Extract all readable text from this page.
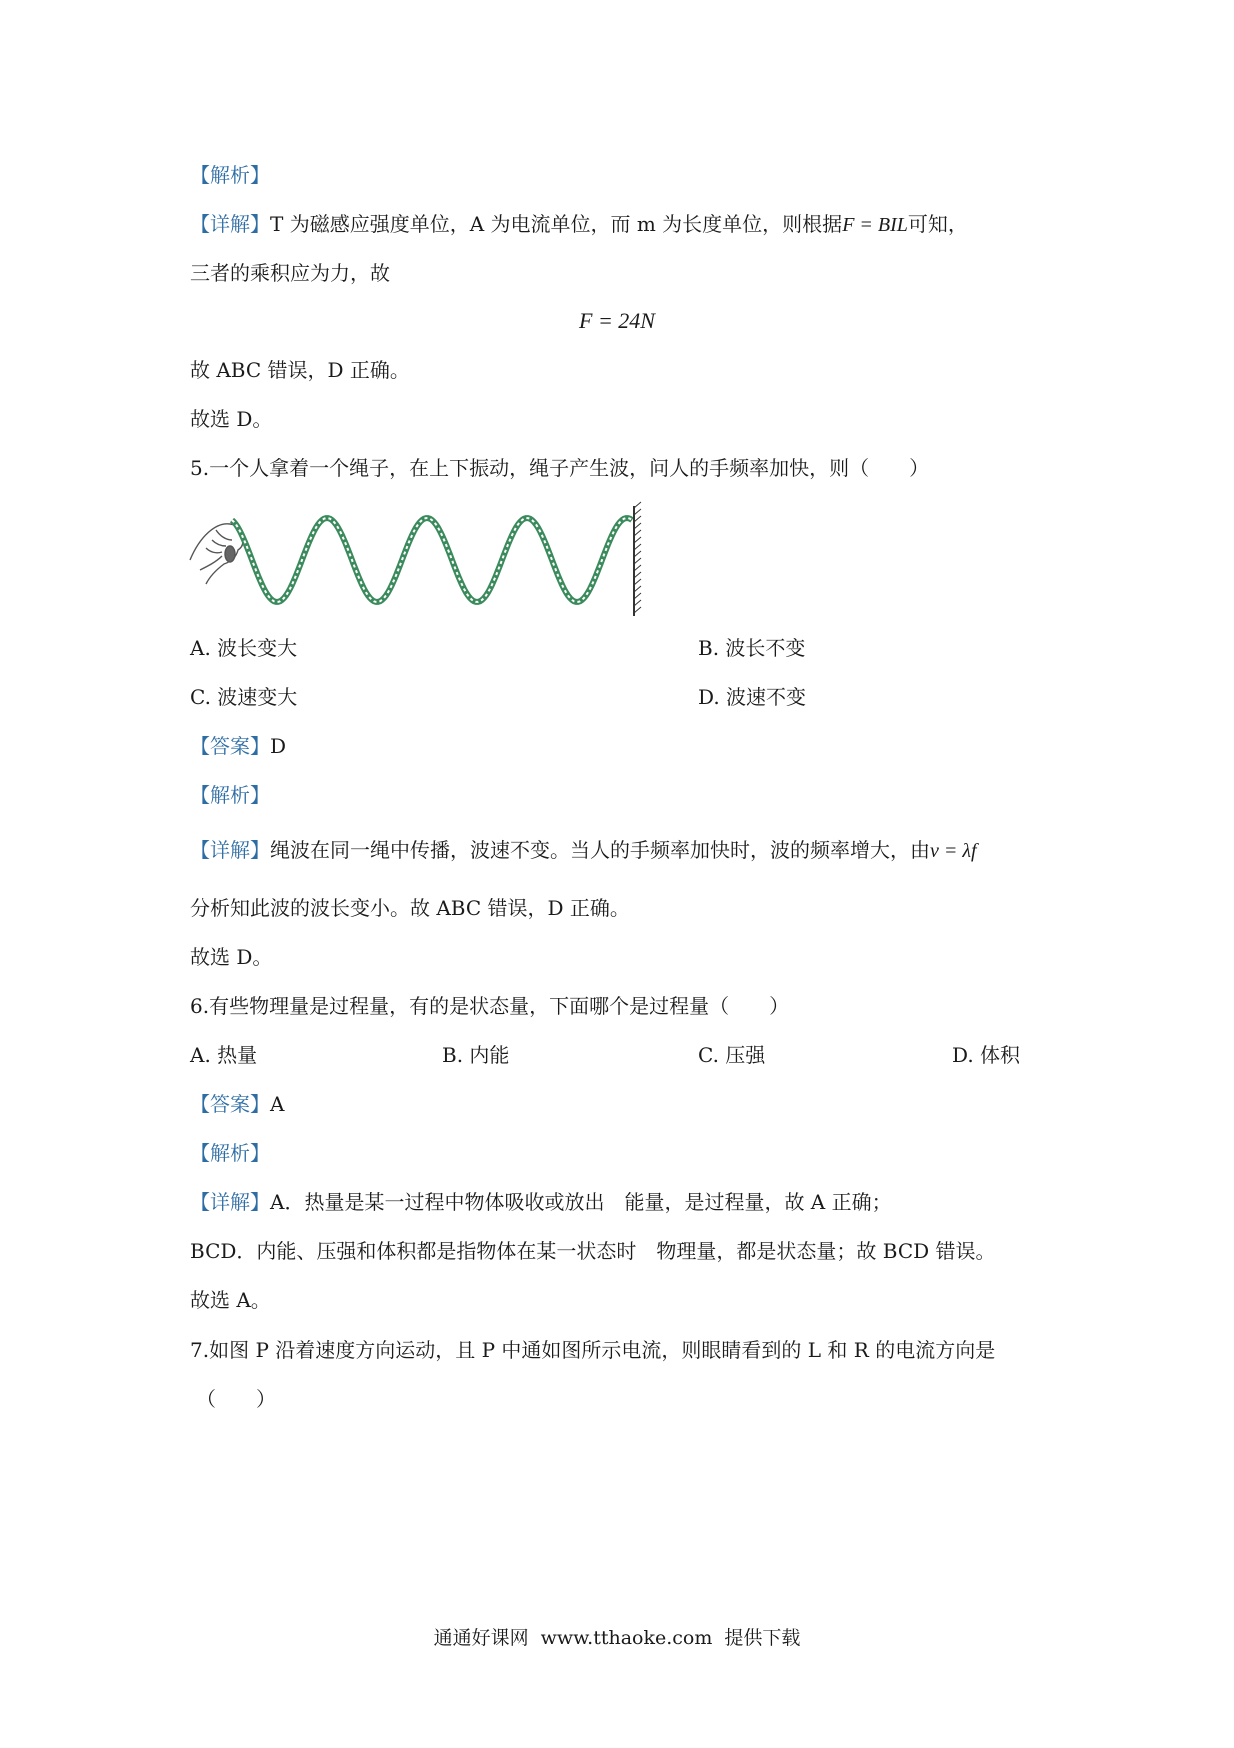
【解析】
【详解】T 为磁感应强度单位，A 为电流单位，而 m 为长度单位，则根据F = BIL可知，
三者的乘积应为力，故
F = 24N
故 ABC 错误，D 正确。
故选 D。
5.一个人拿着一个绳子，在上下振动，绳子产生波，问人的手频率加快，则（　　）
A. 波长变大	B. 波长不变
C. 波速变大	D. 波速不变
【答案】D
【解析】
【详解】绳波在同一绳中传播，波速不变。当人的手频率加快时，波的频率增大，由v = λf
分析知此波的波长变小。故 ABC 错误，D 正确。
故选 D。
6.有些物理量是过程量，有的是状态量，下面哪个是过程量（　　）
A. 热量	B. 内能	C. 压强	D. 体积
【答案】A
【解析】
【详解】A．热量是某一过程中物体吸收或放出　能量，是过程量，故 A 正确；
BCD．内能、压强和体积都是指物体在某一状态时　物理量，都是状态量；故 BCD 错误。
故选 A。
7.如图 P 沿着速度方向运动，且 P 中通如图所示电流，则眼睛看到的 L 和 R 的电流方向是
（　　）
通通好课网 www.tthaoke.com 提供下载
